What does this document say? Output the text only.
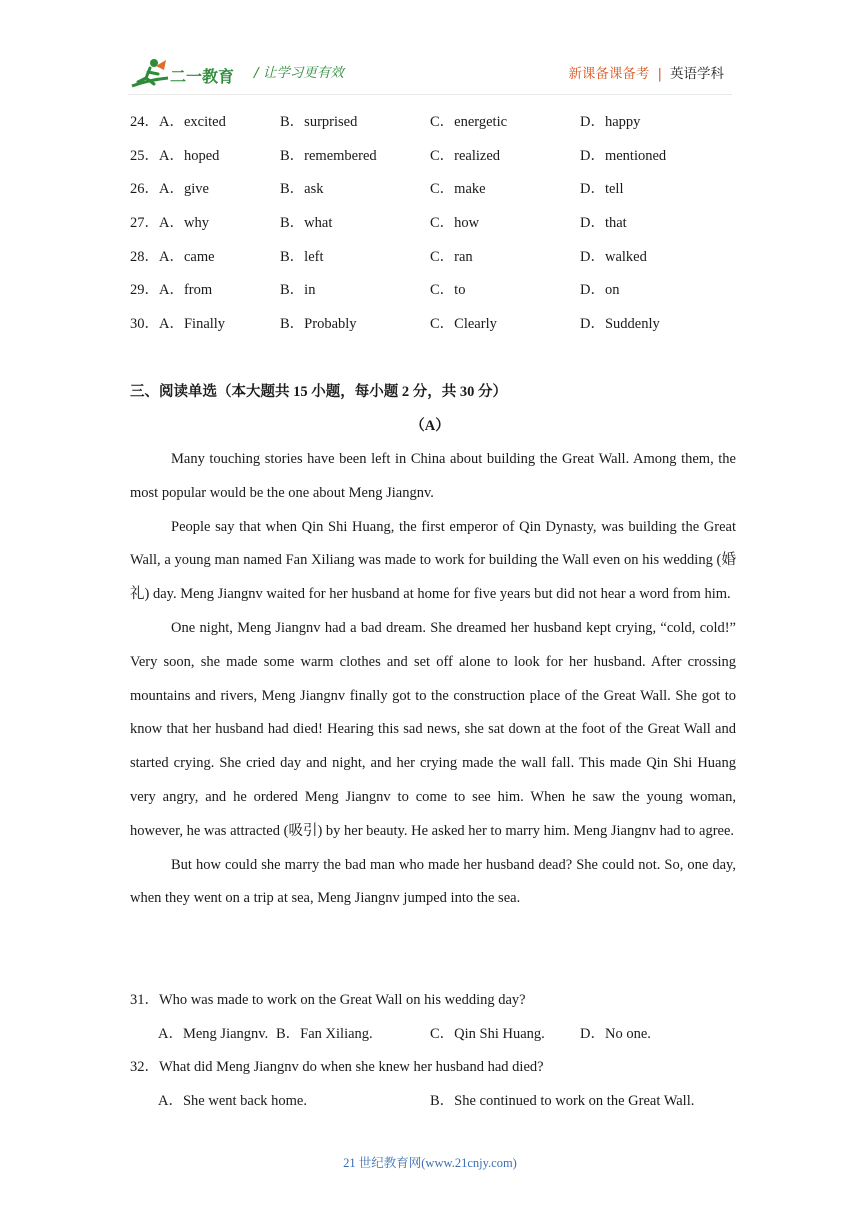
二一教育 / 让学习更有效	新课备课备考 | 英语学科
24．A．excited	B．surprised	C．energetic	D．happy
25．A．hoped	B．remembered	C．realized	D．mentioned
26．A．give	B．ask	C．make	D．tell
27．A．why	B．what	C．how	D．that
28．A．came	B．left	C．ran	D．walked
29．A．from	B．in	C．to	D．on
30．A．Finally	B．Probably	C．Clearly	D．Suddenly
三、阅读单选（本大题共 15 小题，每小题 2 分，共 30 分）
（A）

Many touching stories have been left in China about building the Great Wall. Among them, the most popular would be the one about Meng Jiangnv.

People say that when Qin Shi Huang, the first emperor of Qin Dynasty, was building the Great Wall, a young man named Fan Xiliang was made to work for building the Wall even on his wedding (婚礼) day. Meng Jiangnv waited for her husband at home for five years but did not hear a word from him.

One night, Meng Jiangnv had a bad dream. She dreamed her husband kept crying, “cold, cold!” Very soon, she made some warm clothes and set off alone to look for her husband. After crossing mountains and rivers, Meng Jiangnv finally got to the construction place of the Great Wall. She got to know that her husband had died! Hearing this sad news, she sat down at the foot of the Great Wall and started crying. She cried day and night, and her crying made the wall fall. This made Qin Shi Huang very angry, and he ordered Meng Jiangnv to come to see him. When he saw the young woman, however, he was attracted (吸引) by her beauty. He asked her to marry him. Meng Jiangnv had to agree.

But how could she marry the bad man who made her husband dead? She could not. So, one day, when they went on a trip at sea, Meng Jiangnv jumped into the sea.

31．Who was made to work on the Great Wall on his wedding day?
A．Meng Jiangnv. B．Fan Xiliang.	C．Qin Shi Huang. D．No one.
32．What did Meng Jiangnv do when she knew her husband had died?
A．She went back home.	B．She continued to work on the Great Wall.
21 世纪教育网(www.21cnjy.com)
